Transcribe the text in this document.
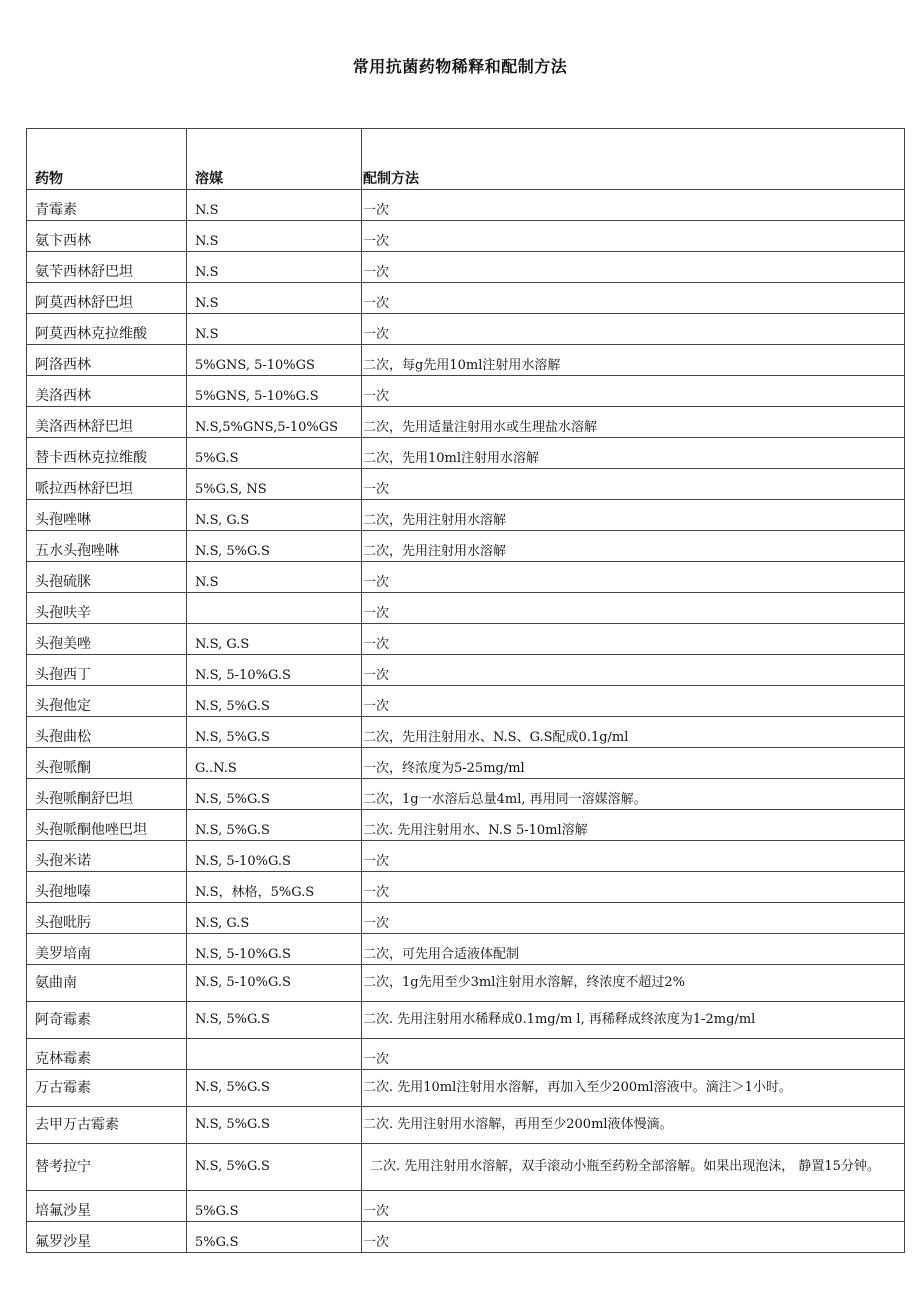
常用抗菌药物稀释和配制方法

药物	溶媒	配制方法
青霉素	N.S	一次
氨卞西林	N.S	一次
氨苄西林舒巴坦	N.S	一次
阿莫西林舒巴坦	N.S	一次
阿莫西林克拉维酸	N.S	一次
阿洛西林	5%GNS, 5-10%GS	二次，每g先用10ml注射用水溶解
美洛西林	5%GNS, 5-10%G.S	一次
美洛西林舒巴坦	N.S,5%GNS,5-10%GS	二次，先用适量注射用水或生理盐水溶解
替卡西林克拉维酸	5%G.S	二次，先用10ml注射用水溶解
哌拉西林舒巴坦	5%G.S, NS	一次
头孢唑啉	N.S, G.S	二次，先用注射用水溶解
五水头孢唑啉	N.S, 5%G.S	二次，先用注射用水溶解
头孢硫脒	N.S	一次
头孢呋辛		一次
头孢美唑	N.S, G.S	一次
头孢西丁	N.S, 5-10%G.S	一次
头孢他定	N.S, 5%G.S	一次
头孢曲松	N.S, 5%G.S	二次，先用注射用水、N.S、G.S配成0.1g/ml
头孢哌酮	G..N.S	一次，终浓度为5-25mg/ml
头孢哌酮舒巴坦	N.S, 5%G.S	二次，1g一水溶后总量4ml, 再用同一溶媒溶解。
头孢哌酮他唑巴坦	N.S, 5%G.S	二次. 先用注射用水、N.S 5-10ml溶解
头孢米诺	N.S, 5-10%G.S	一次
头孢地嗪	N.S，林格，5%G.S	一次
头孢吡肟	N.S, G.S	一次
美罗培南	N.S, 5-10%G.S	二次，可先用合适液体配制
氨曲南	N.S, 5-10%G.S	二次，1g先用至少3ml注射用水溶解，终浓度不超过2%
阿奇霉素	N.S, 5%G.S	二次. 先用注射用水稀释成0.1mg/m l, 再稀释成终浓度为1-2mg/ml
克林霉素		一次
万古霉素	N.S, 5%G.S	二次. 先用10ml注射用水溶解，再加入至少200ml溶液中。滴注＞1小时。
去甲万古霉素	N.S, 5%G.S	二次. 先用注射用水溶解，再用至少200ml液体慢滴。
替考拉宁	N.S, 5%G.S	二次. 先用注射用水溶解，双手滚动小瓶至药粉全部溶解。如果出现泡沫， 静置15分钟。
培氟沙星	5%G.S	一次
氟罗沙星	5%G.S	一次
